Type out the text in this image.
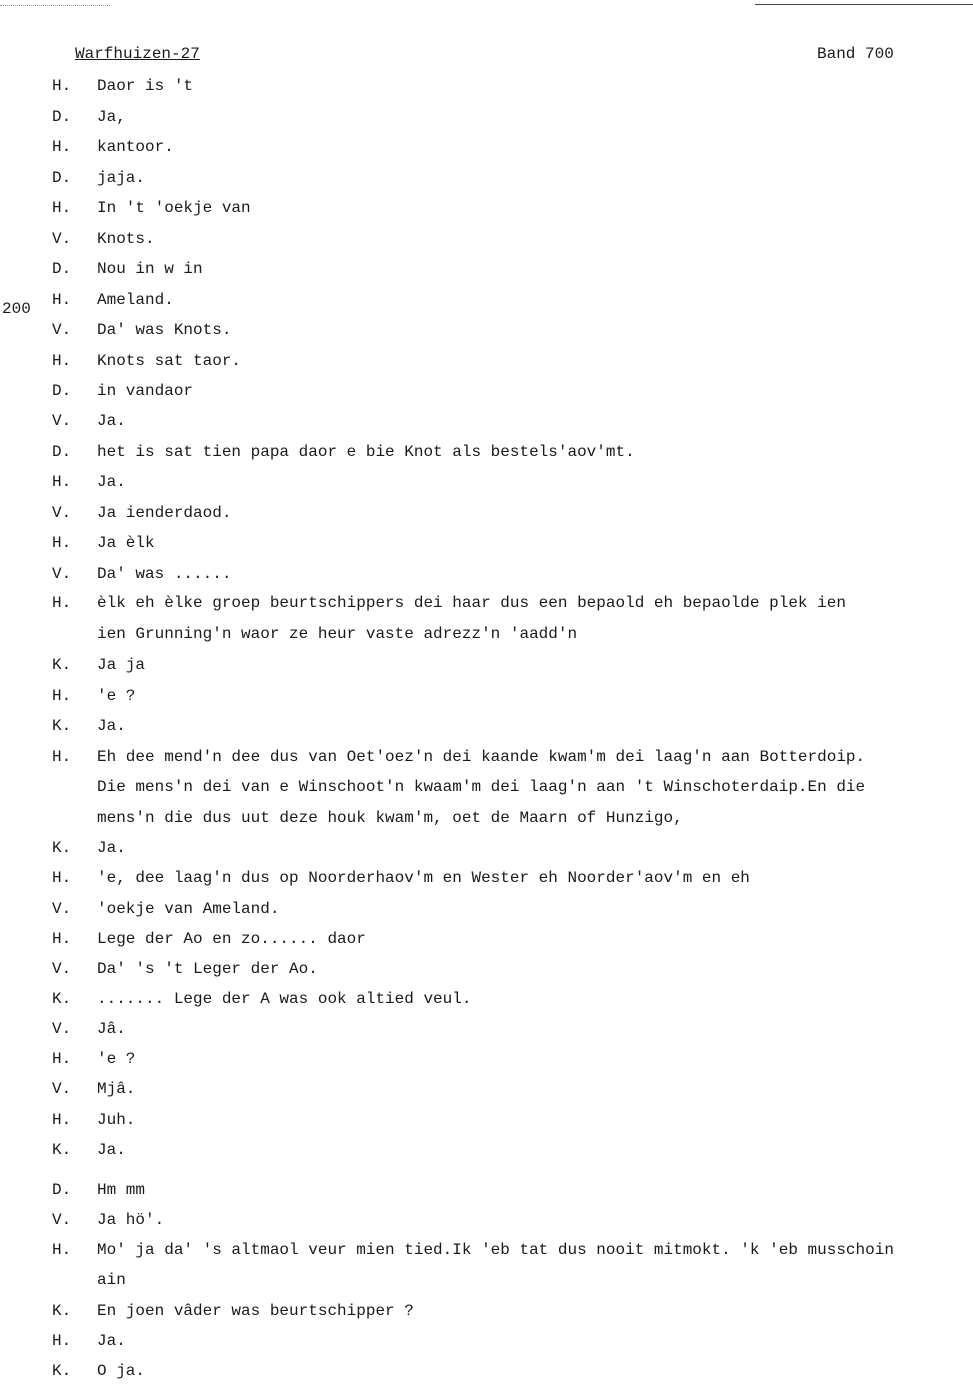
Warfhuizen-27	Band 700
200
H. Daor is 't
D. Ja,
H. kantoor.
D. jaja.
H. In 't 'oekje van
V. Knots.
D. Nou in w in
H. Ameland.
V. Da' was Knots.
H. Knots sat taor.
D. in vandaor
V. Ja.
D. het is sat tien papa daor e bie Knot als bestels'aov'mt.
H. Ja.
V. Ja ienderdaod.
H. Ja èlk
V. Da' was ......
H. èlk eh èlke groep beurtschippers dei haar dus een bepaold eh bepaolde plek ien
ien Grunning'n waor ze heur vaste adrezz'n 'aadd'n
K. Ja ja
H. 'e ?
K. Ja.
H. Eh dee mend'n dee dus van Oet'oez'n dei kaande kwam'm dei laag'n aan Botterdoip.
Die mens'n dei van e Winschoot'n kwaam'm dei laag'n aan 't Winschoterdaip.En die
mens'n die dus uut deze houk kwam'm, oet de Maarn of Hunzigo,
K. Ja.
H. 'e, dee laag'n dus op Noorderhaov'm en Wester eh Noorder'aov'm en eh
V. 'oekje van Ameland.
H. Lege der Ao en zo...... daor
V. Da' 's 't Leger der Ao.
K. ....... Lege der A was ook altied veul.
V. Jâ.
H. 'e ?
V. Mjâ.
H. Juh.
K. Ja.
D. Hm mm
V. Ja hö'.
H. Mo' ja da' 's altmaol veur mien tied.Ik 'eb tat dus nooit mitmokt. 'k 'eb musschoin
ain
K. En joen vâder was beurtschipper ?
H. Ja.
K. O ja.
